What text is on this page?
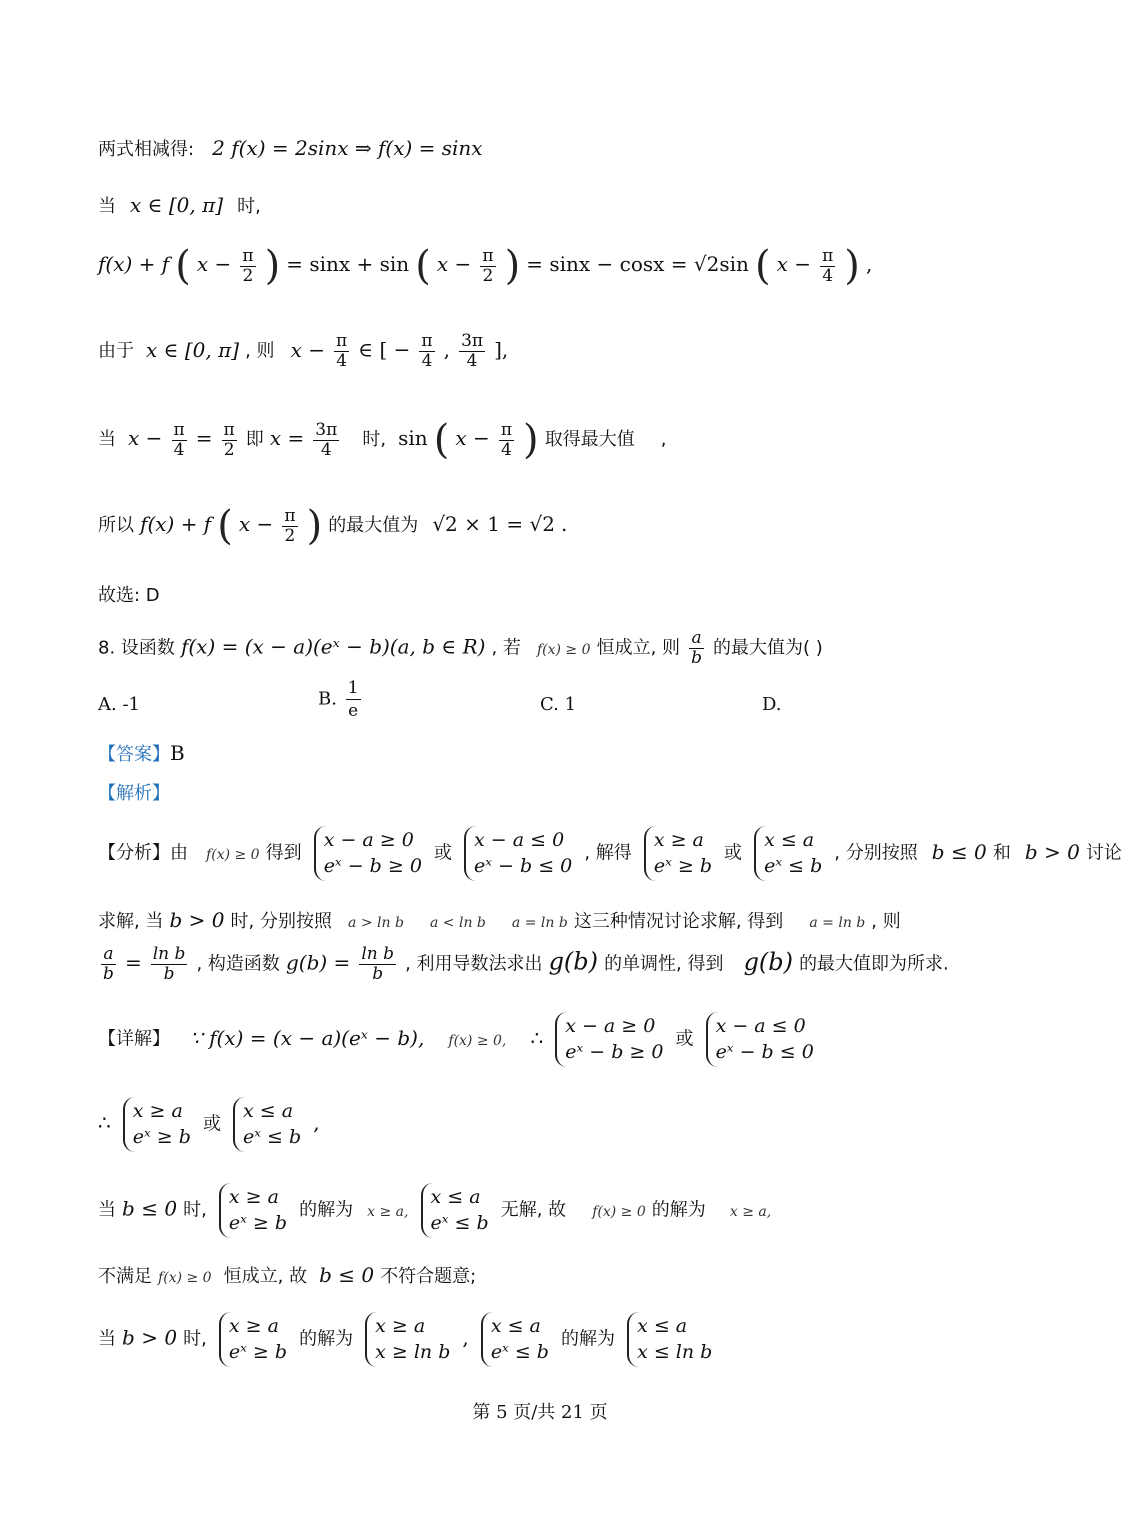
两式相减得: 2 f(x) = 2sinx ⇒ f(x) = sinx
当 x ∈ [0, π] 时,
f(x) + f ( $x - \frac{\pi}{2}$ ) = sinx + sin ( $x - \frac{\pi}{2}$ ) = sinx − cosx = √2sin ( $x - \frac{\pi}{4}$ ) ,
由于 x ∈ [0, π] , 则 $x - \frac{\pi}{4}$ ∈ [ − $\frac{\pi}{4}$ , $\frac{3\pi}{4}$ ],
当 $x - \frac{\pi}{4} = \frac{\pi}{2}$ 即 $x = \frac{3\pi}{4}$ 时, sin ( $x - \frac{\pi}{4}$ ) 取得最大值 ,
所以 f(x) + f ( $x - \frac{\pi}{2}$ ) 的最大值为 √2 × 1 = √2 .
故选: D
8. 设函数 f(x) = (x − a)(eˣ − b)(a, b ∈ R) , 若 f(x) ≥ 0 恒成立, 则 $\frac{a}{b}$ 的最大值为( )
A. -1	B. $\frac{1}{e}$	C. 1	D.
【答案】B
【解析】
【分析】由 f(x) ≥ 0 得到 x − a ≥ 0
eˣ − b ≥ 0 或 x − a ≤ 0
eˣ − b ≤ 0 , 解得 x ≥ a
eˣ ≥ b 或 x ≤ a
eˣ ≤ b , 分别按照 b ≤ 0 和 b > 0 讨论
求解, 当 b > 0 时, 分别按照 a > ln b a < ln b a = ln b 这三种情况讨论求解, 得到 a = ln b , 则
$\frac{a}{b} = \frac{\text{ln b}}{b}$ , 构造函数 $g(b) = \frac{\text{ln b}}{b}$ , 利用导数法求出 g(b) 的单调性, 得到 g(b) 的最大值即为所求.
【详解】 ∵ f(x) = (x − a)(eˣ − b), f(x) ≥ 0, ∴ x − a ≥ 0
eˣ − b ≥ 0 或 x − a ≤ 0
eˣ − b ≤ 0
∴ x ≥ a
eˣ ≥ b 或 x ≤ a
eˣ ≤ b ,
当 b ≤ 0 时, x ≥ a
eˣ ≥ b 的解为 x ≥ a, x ≤ a
eˣ ≤ b 无解, 故 f(x) ≥ 0 的解为 x ≥ a,
不满足 f(x) ≥ 0 恒成立, 故 b ≤ 0 不符合题意;
当 b > 0 时, x ≥ a
eˣ ≥ b 的解为 x ≥ a
x ≥ ln b , x ≤ a
eˣ ≤ b 的解为 x ≤ a
x ≤ ln b
第 5 页/共 21 页
